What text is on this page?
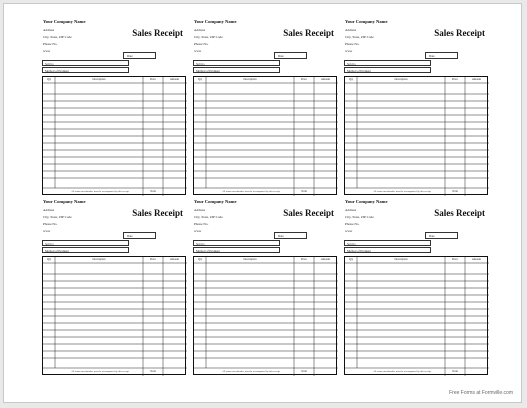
Your Company Name
Address
City, State, ZIP Code
Phone No.
www
Sales Receipt
Date
Sold to
Method of Payment
Qty	Description	Price	Amount
All return merchandise must be accompanied by this receipt	Total
Your Company Name
Address
City, State, ZIP Code
Phone No.
www
Sales Receipt
Date
Sold to
Method of Payment
Qty	Description	Price	Amount
All return merchandise must be accompanied by this receipt	Total
Your Company Name
Address
City, State, ZIP Code
Phone No.
www
Sales Receipt
Date
Sold to
Method of Payment
Qty	Description	Price	Amount
All return merchandise must be accompanied by this receipt	Total
Your Company Name
Address
City, State, ZIP Code
Phone No.
www
Sales Receipt
Date
Sold to
Method of Payment
Qty	Description	Price	Amount
All return merchandise must be accompanied by this receipt	Total
Your Company Name
Address
City, State, ZIP Code
Phone No.
www
Sales Receipt
Date
Sold to
Method of Payment
Qty	Description	Price	Amount
All return merchandise must be accompanied by this receipt	Total
Your Company Name
Address
City, State, ZIP Code
Phone No.
www
Sales Receipt
Date
Sold to
Method of Payment
Qty	Description	Price	Amount
All return merchandise must be accompanied by this receipt	Total
Free Forms at Formville.com
